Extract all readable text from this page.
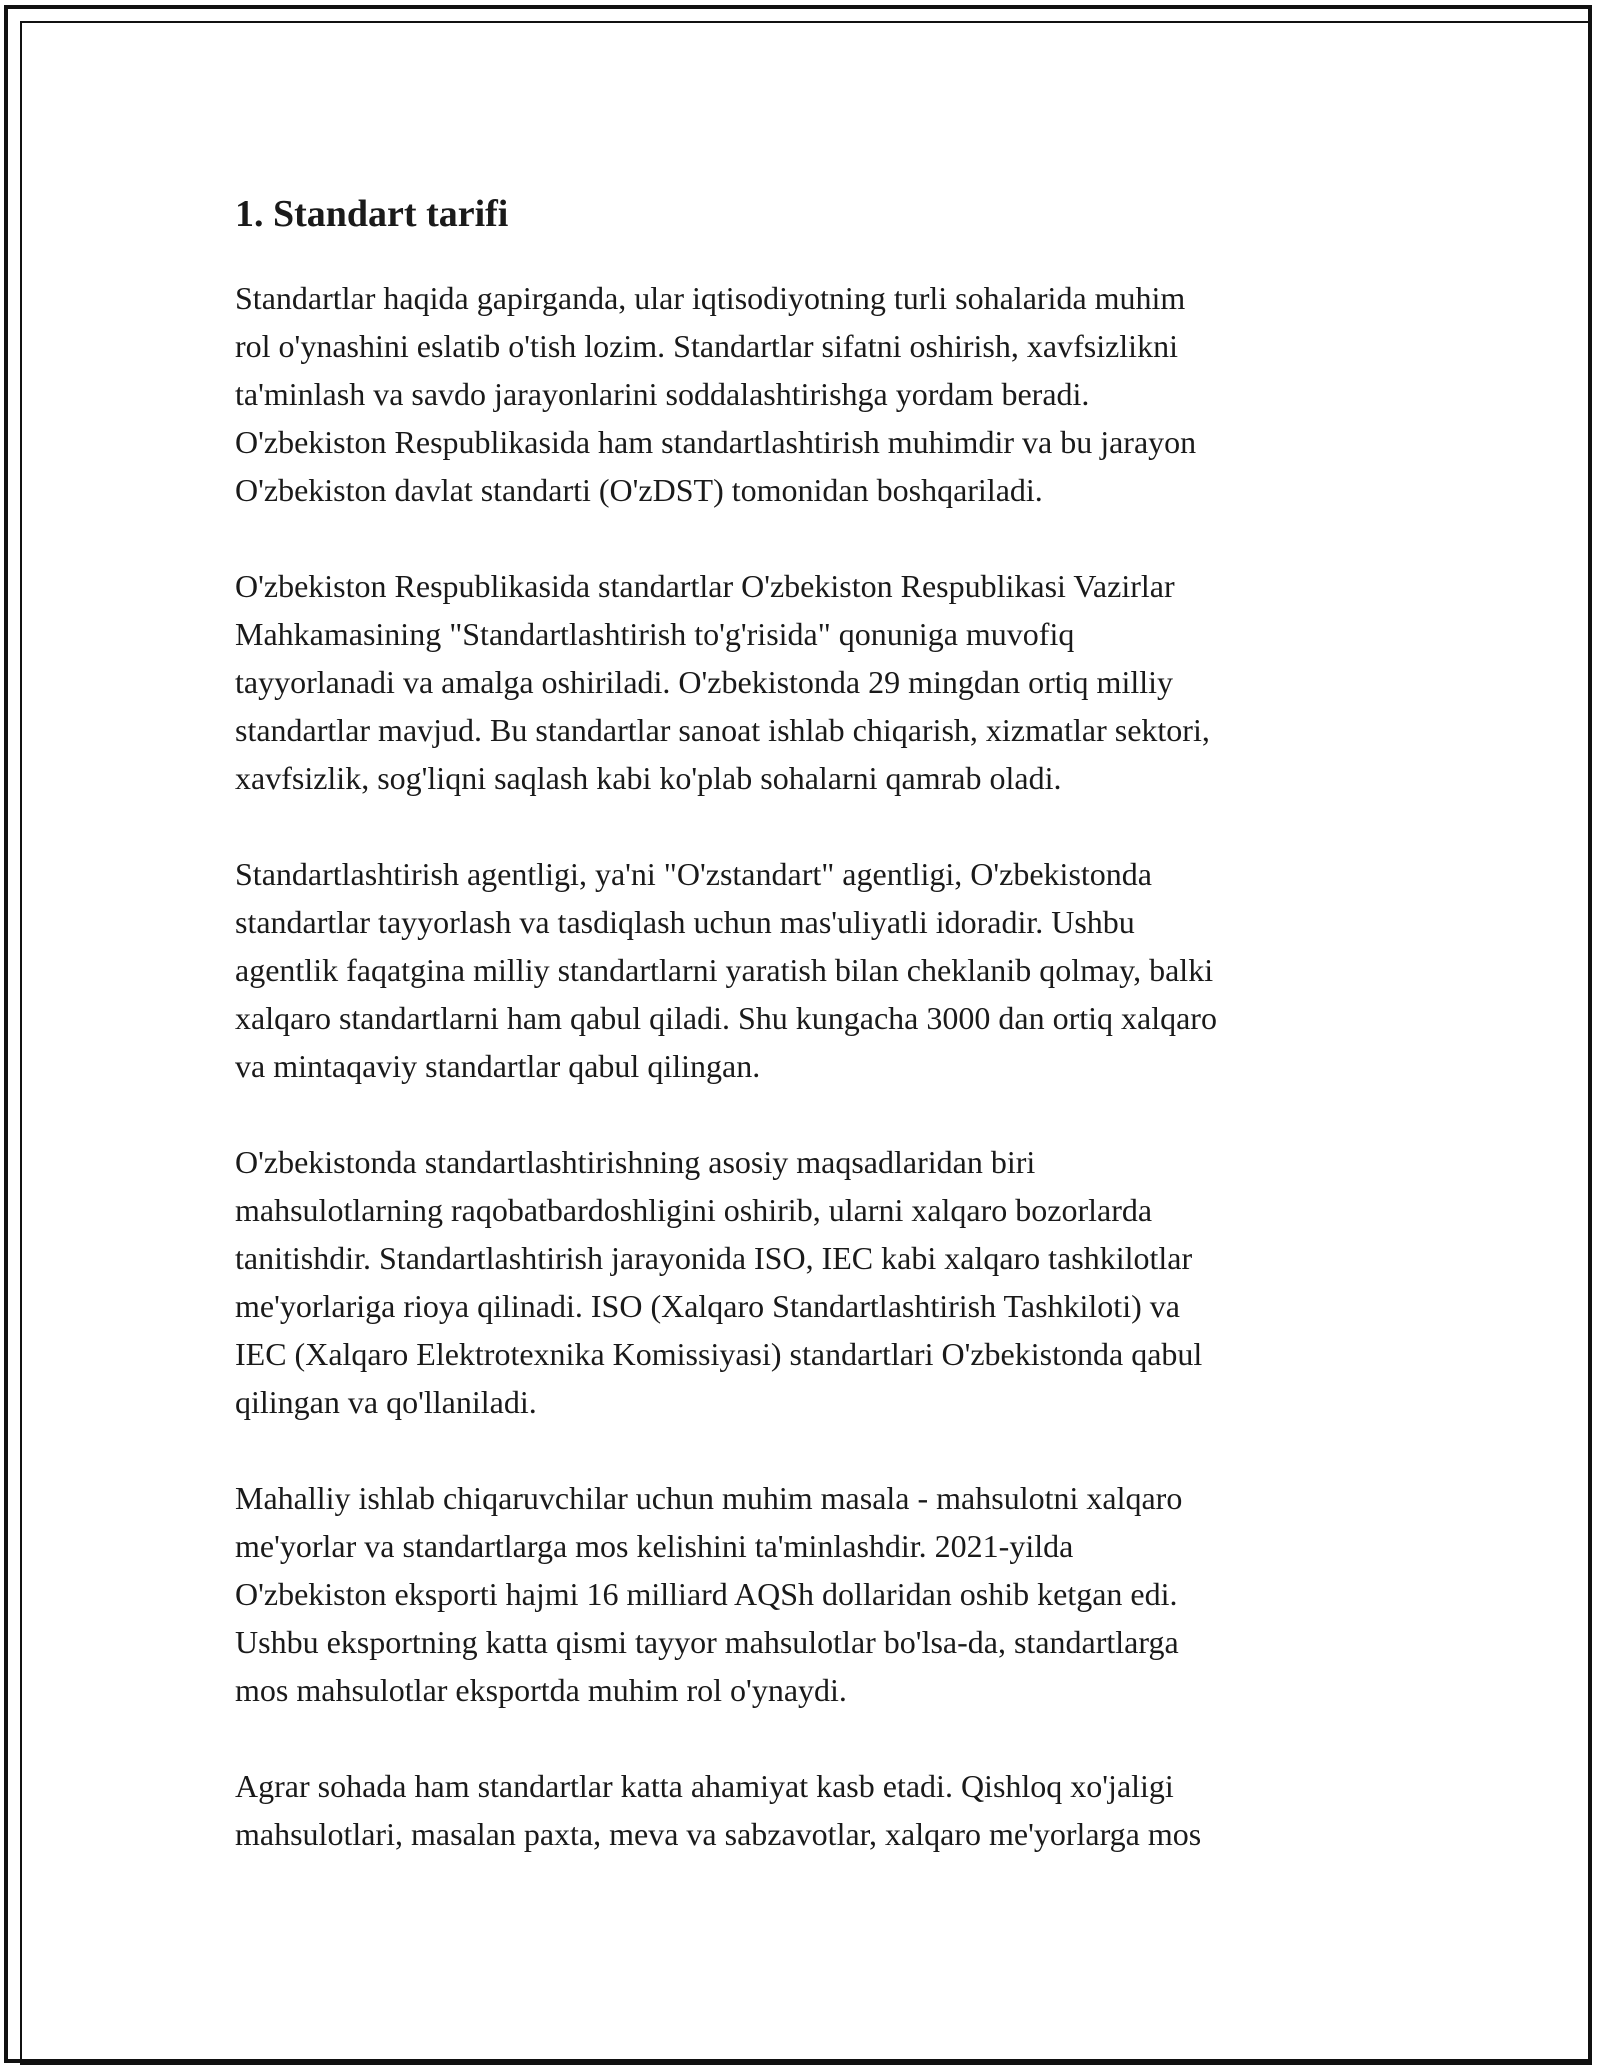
1. Standart tarifi

Standartlar haqida gapirganda, ular iqtisodiyotning turli sohalarida muhim
rol o'ynashini eslatib o'tish lozim. Standartlar sifatni oshirish, xavfsizlikni
ta'minlash va savdo jarayonlarini soddalashtirishga yordam beradi.
O'zbekiston Respublikasida ham standartlashtirish muhimdir va bu jarayon
O'zbekiston davlat standarti (O'zDST) tomonidan boshqariladi.

O'zbekiston Respublikasida standartlar O'zbekiston Respublikasi Vazirlar
Mahkamasining "Standartlashtirish to'g'risida" qonuniga muvofiq
tayyorlanadi va amalga oshiriladi. O'zbekistonda 29 mingdan ortiq milliy
standartlar mavjud. Bu standartlar sanoat ishlab chiqarish, xizmatlar sektori,
xavfsizlik, sog'liqni saqlash kabi ko'plab sohalarni qamrab oladi.

Standartlashtirish agentligi, ya'ni "O'zstandart" agentligi, O'zbekistonda
standartlar tayyorlash va tasdiqlash uchun mas'uliyatli idoradir. Ushbu
agentlik faqatgina milliy standartlarni yaratish bilan cheklanib qolmay, balki
xalqaro standartlarni ham qabul qiladi. Shu kungacha 3000 dan ortiq xalqaro
va mintaqaviy standartlar qabul qilingan.

O'zbekistonda standartlashtirishning asosiy maqsadlaridan biri
mahsulotlarning raqobatbardoshligini oshirib, ularni xalqaro bozorlarda
tanitishdir. Standartlashtirish jarayonida ISO, IEC kabi xalqaro tashkilotlar
me'yorlariga rioya qilinadi. ISO (Xalqaro Standartlashtirish Tashkiloti) va
IEC (Xalqaro Elektrotexnika Komissiyasi) standartlari O'zbekistonda qabul
qilingan va qo'llaniladi.

Mahalliy ishlab chiqaruvchilar uchun muhim masala - mahsulotni xalqaro
me'yorlar va standartlarga mos kelishini ta'minlashdir. 2021-yilda
O'zbekiston eksporti hajmi 16 milliard AQSh dollaridan oshib ketgan edi.
Ushbu eksportning katta qismi tayyor mahsulotlar bo'lsa-da, standartlarga
mos mahsulotlar eksportda muhim rol o'ynaydi.

Agrar sohada ham standartlar katta ahamiyat kasb etadi. Qishloq xo'jaligi
mahsulotlari, masalan paxta, meva va sabzavotlar, xalqaro me'yorlarga mos
